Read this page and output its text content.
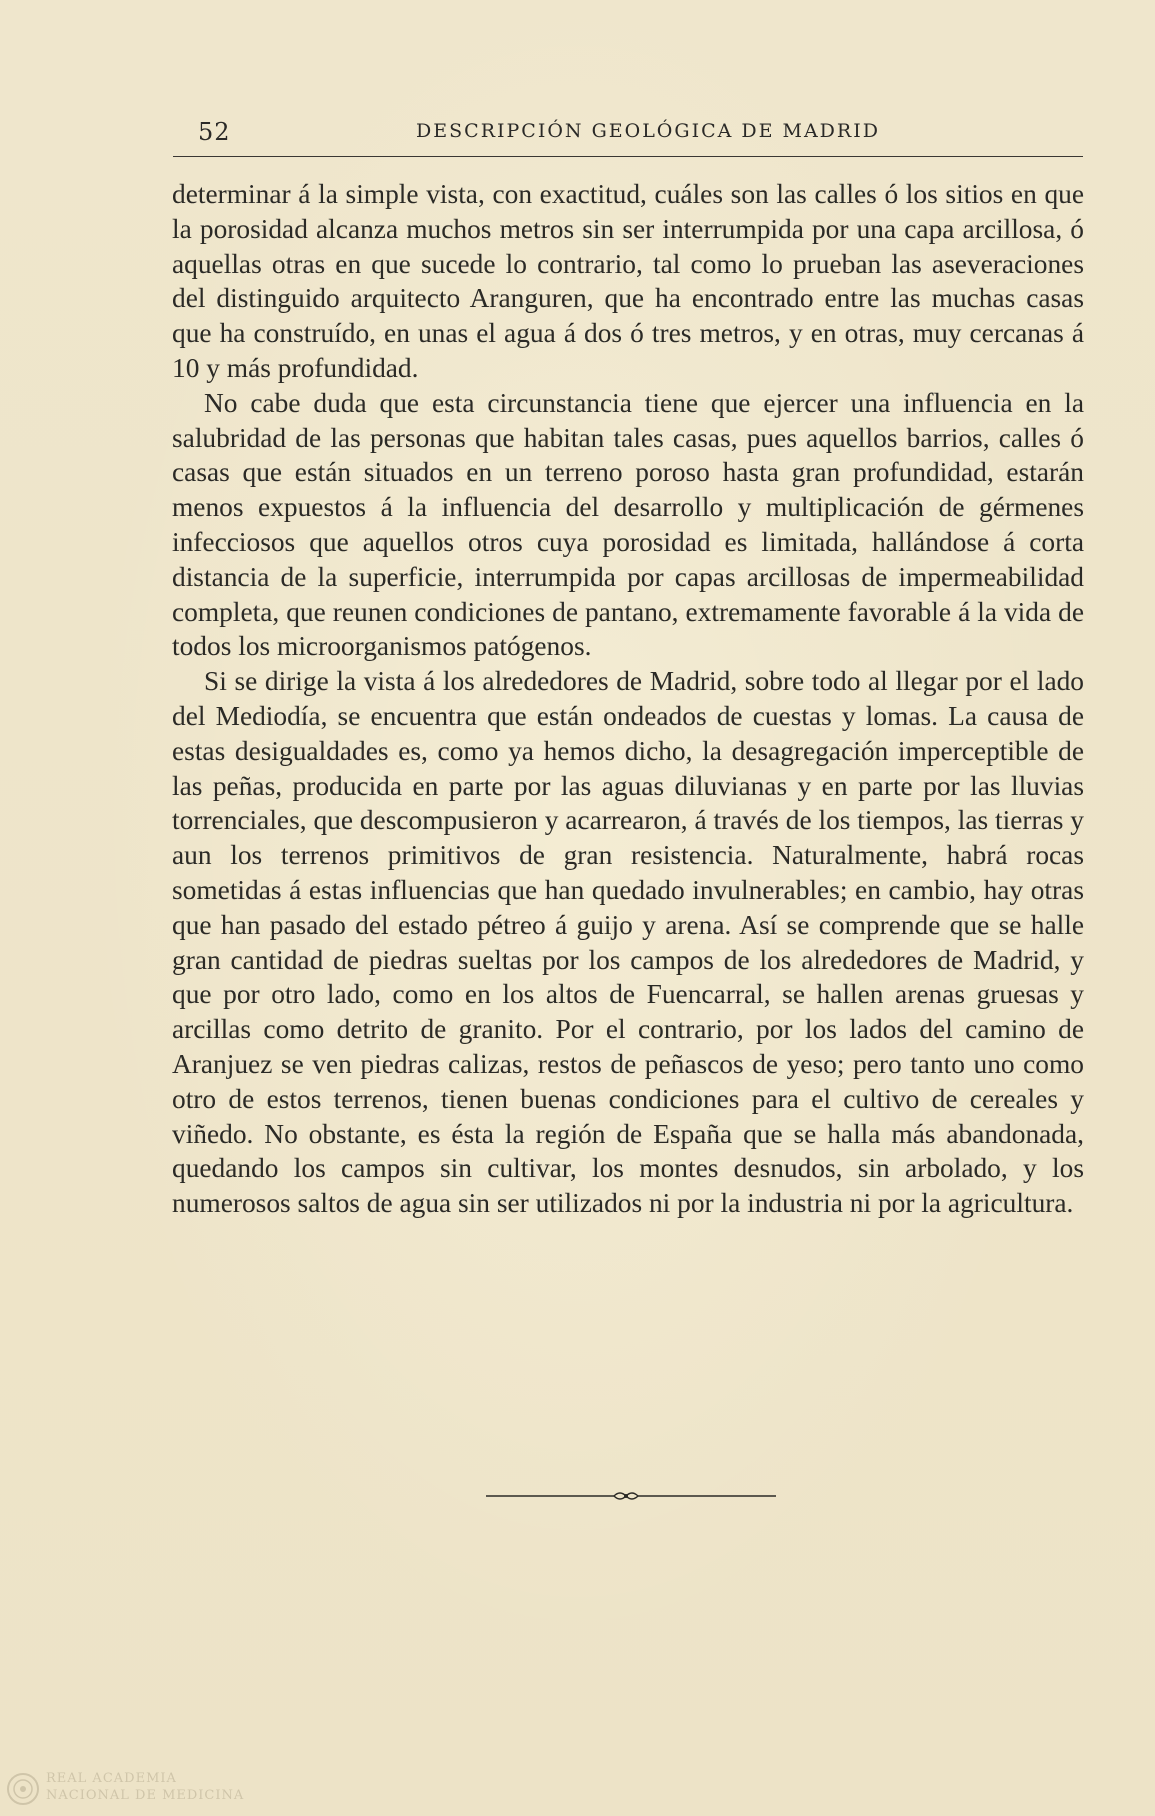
52	DESCRIPCIÓN GEOLÓGICA DE MADRID

determinar á la simple vista, con exactitud, cuáles son las calles ó los sitios en que la porosidad alcanza muchos metros sin ser interrumpida por una capa arcillosa, ó aquellas otras en que sucede lo contrario, tal como lo prueban las aseveraciones del distinguido arquitecto Aranguren, que ha encontrado entre las muchas casas que ha construído, en unas el agua á dos ó tres metros, y en otras, muy cercanas á 10 y más profundidad.

No cabe duda que esta circunstancia tiene que ejercer una influencia en la salubridad de las personas que habitan tales casas, pues aquellos barrios, calles ó casas que están situados en un terreno poroso hasta gran profundidad, estarán menos expuestos á la influencia del desarrollo y multiplicación de gérmenes infecciosos que aquellos otros cuya porosidad es limitada, hallándose á corta distancia de la superficie, interrumpida por capas arcillosas de impermeabilidad completa, que reunen condiciones de pantano, extremamente favorable á la vida de todos los microorganismos patógenos.

Si se dirige la vista á los alrededores de Madrid, sobre todo al llegar por el lado del Mediodía, se encuentra que están ondeados de cuestas y lomas. La causa de estas desigualdades es, como ya hemos dicho, la desagregación imperceptible de las peñas, producida en parte por las aguas diluvianas y en parte por las lluvias torrenciales, que descompusieron y acarrearon, á través de los tiempos, las tierras y aun los terrenos primitivos de gran resistencia. Naturalmente, habrá rocas sometidas á estas influencias que han quedado invulnerables; en cambio, hay otras que han pasado del estado pétreo á guijo y arena. Así se comprende que se halle gran cantidad de piedras sueltas por los campos de los alrededores de Madrid, y que por otro lado, como en los altos de Fuencarral, se hallen arenas gruesas y arcillas como detrito de granito. Por el contrario, por los lados del camino de Aranjuez se ven piedras calizas, restos de peñascos de yeso; pero tanto uno como otro de estos terrenos, tienen buenas condiciones para el cultivo de cereales y viñedo. No obstante, es ésta la región de España que se halla más abandonada, quedando los campos sin cultivar, los montes desnudos, sin arbolado, y los numerosos saltos de agua sin ser utilizados ni por la industria ni por la agricultura.

REAL ACADEMIA
NACIONAL DE MEDICINA
